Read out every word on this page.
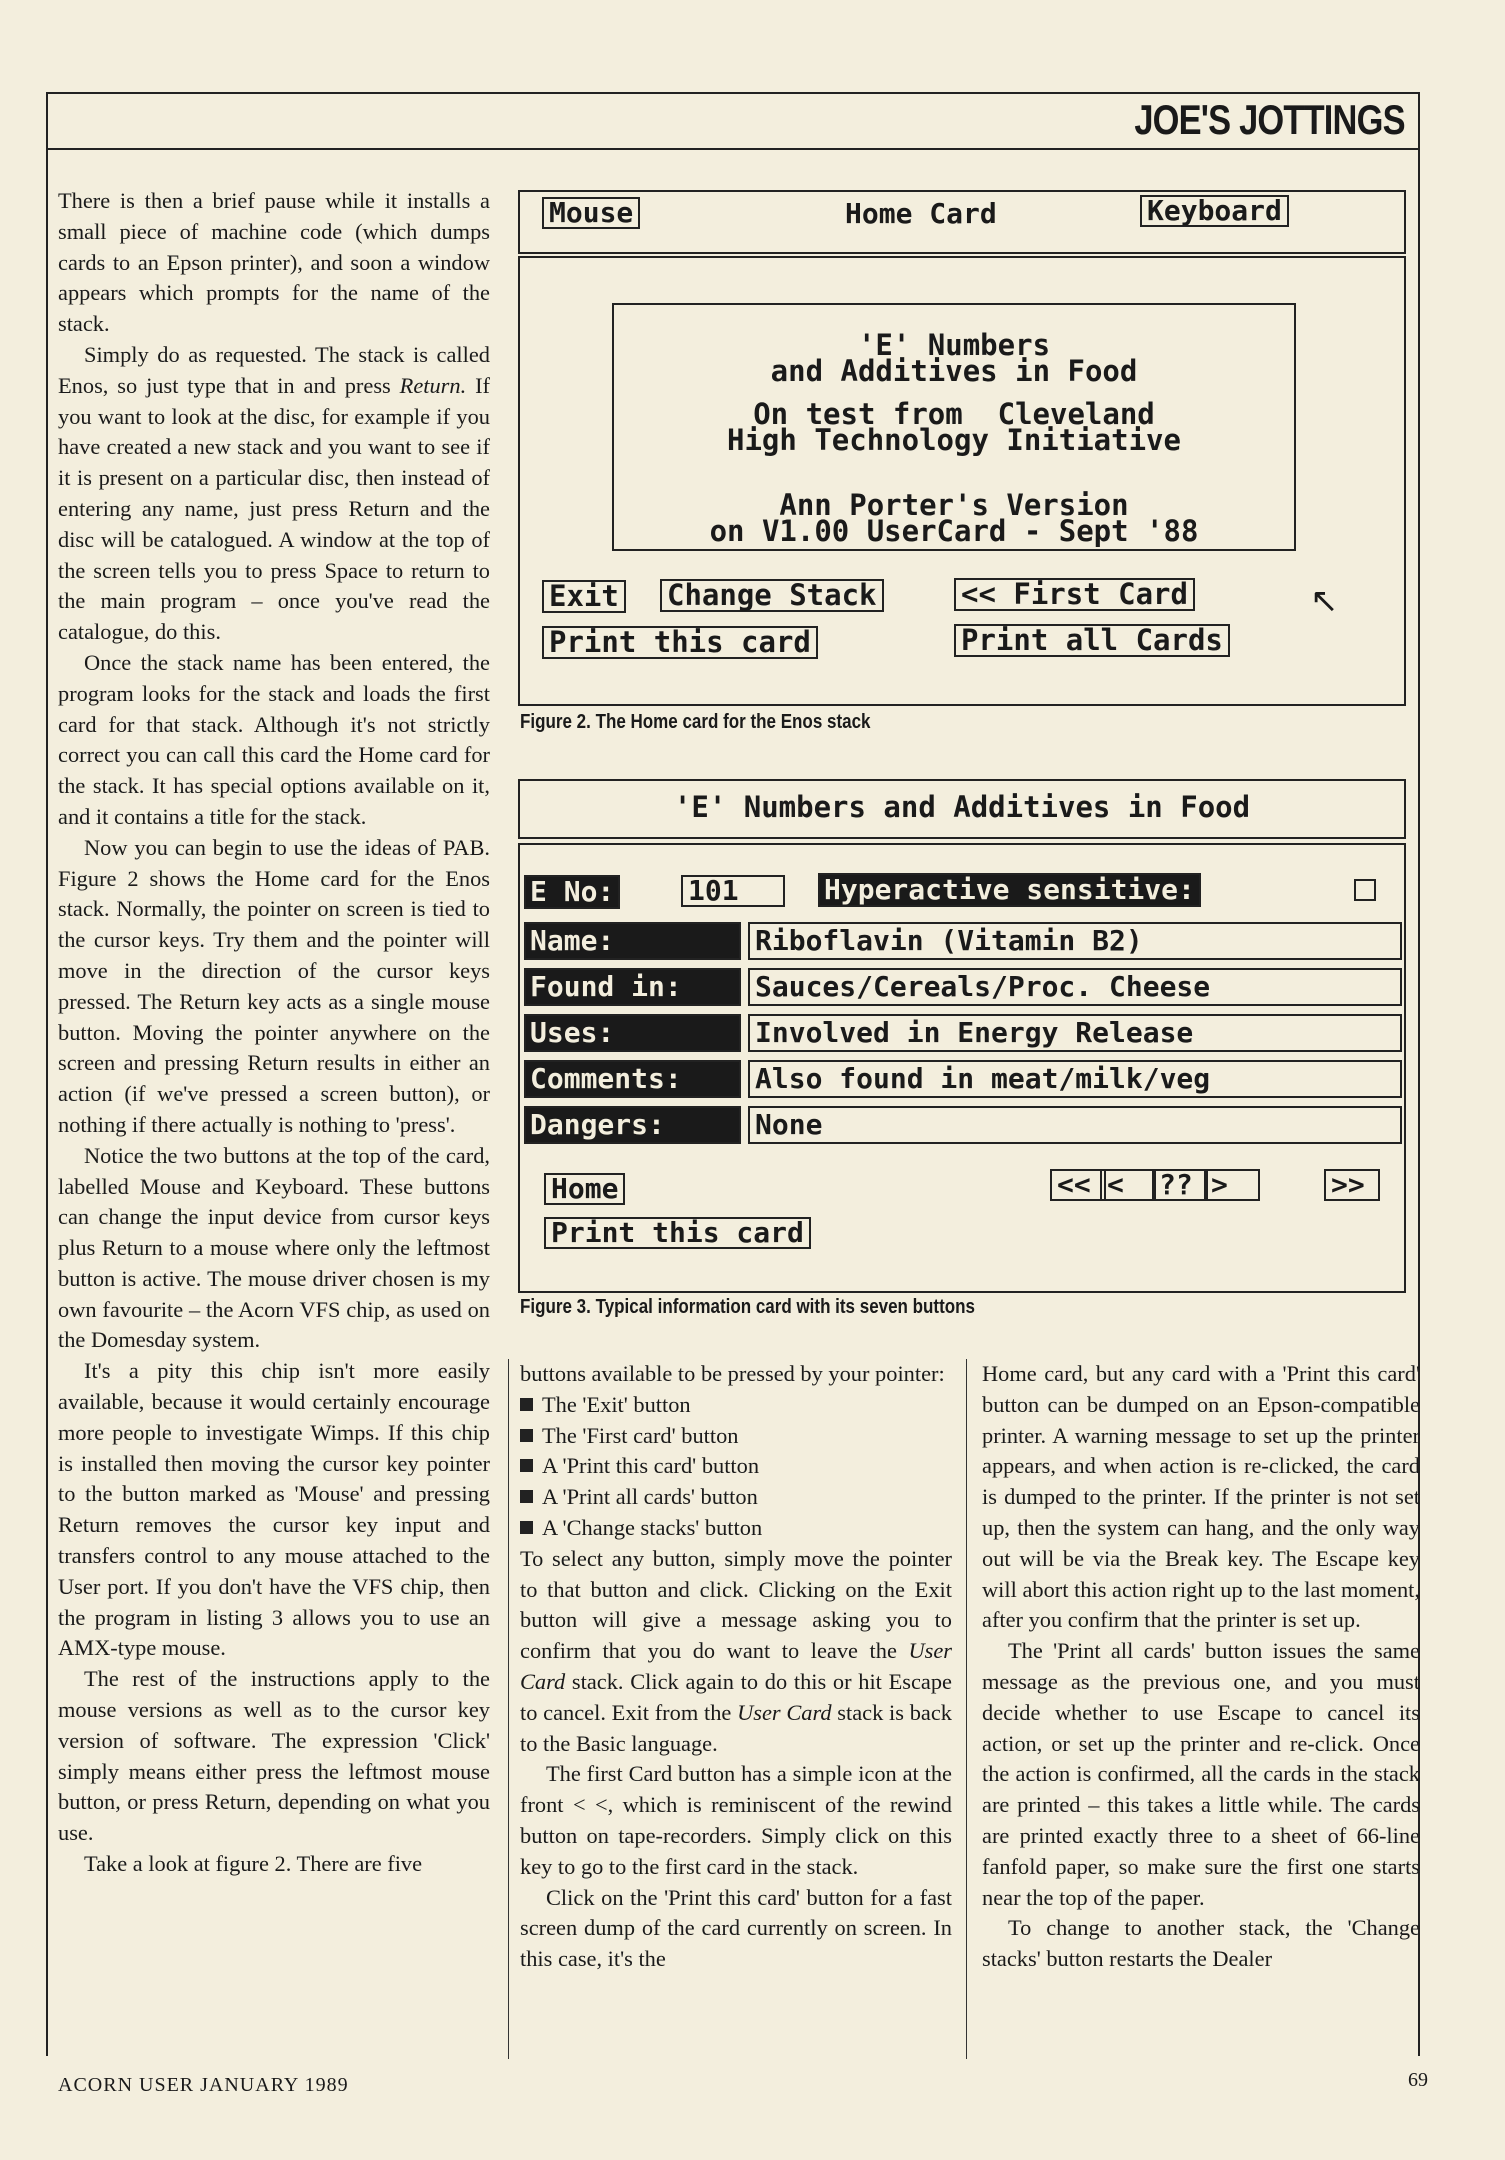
JOE'S JOTTINGS

There is then a brief pause while it installs a small piece of machine code (which dumps cards to an Epson printer), and soon a window appears which prompts for the name of the stack.

Simply do as requested. The stack is called Enos, so just type that in and press Return. If you want to look at the disc, for example if you have created a new stack and you want to see if it is present on a particular disc, then instead of entering any name, just press Return and the disc will be catalogued. A window at the top of the screen tells you to press Space to return to the main program – once you've read the catalogue, do this.

Once the stack name has been entered, the program looks for the stack and loads the first card for that stack. Although it's not strictly correct you can call this card the Home card for the stack. It has special options available on it, and it contains a title for the stack.

Now you can begin to use the ideas of PAB. Figure 2 shows the Home card for the Enos stack. Normally, the pointer on screen is tied to the cursor keys. Try them and the pointer will move in the direction of the cursor keys pressed. The Return key acts as a single mouse button. Moving the pointer anywhere on the screen and pressing Return results in either an action (if we've pressed a screen button), or nothing if there actually is nothing to 'press'.

Notice the two buttons at the top of the card, labelled Mouse and Keyboard. These buttons can change the input device from cursor keys plus Return to a mouse where only the leftmost button is active. The mouse driver chosen is my own favourite – the Acorn VFS chip, as used on the Domesday system.

It's a pity this chip isn't more easily available, because it would certainly encourage more people to investigate Wimps. If this chip is installed then moving the cursor key pointer to the button marked as 'Mouse' and pressing Return removes the cursor key input and transfers control to any mouse attached to the User port. If you don't have the VFS chip, then the program in listing 3 allows you to use an AMX-type mouse.

The rest of the instructions apply to the mouse versions as well as to the cursor key version of software. The expression 'Click' simply means either press the leftmost mouse button, or press Return, depending on what you use.

Take a look at figure 2. There are five

Mouse	Home Card	Keyboard
'E' Numbers
and Additives in Food
On test from  Cleveland
High Technology Initiative
Ann Porter's Version
on V1.00 UserCard - Sept '88
Exit Change Stack	<< First Card	↖
Print this card	Print all Cards
Figure 2. The Home card for the Enos stack
'E' Numbers and Additives in Food
E No:	101	Hyperactive sensitive:
Name:	Riboflavin (Vitamin B2)
Found in:	Sauces/Cereals/Proc. Cheese
Uses:	Involved in Energy Release
Comments:	Also found in meat/milk/veg
Dangers:	None
Home
Print this card
<< <	?? >	>>
Figure 3. Typical information card with its seven buttons

buttons available to be pressed by your pointer:

The 'Exit' button
The 'First card' button
A 'Print this card' button
A 'Print all cards' button
A 'Change stacks' button

To select any button, simply move the pointer to that button and click. Clicking on the Exit button will give a message asking you to confirm that you do want to leave the User Card stack. Click again to do this or hit Escape to cancel. Exit from the User Card stack is back to the Basic language.

The first Card button has a simple icon at the front < <, which is reminiscent of the rewind button on tape-recorders. Simply click on this key to go to the first card in the stack.

Click on the 'Print this card' button for a fast screen dump of the card currently on screen. In this case, it's the

Home card, but any card with a 'Print this card' button can be dumped on an Epson-compatible printer. A warning message to set up the printer appears, and when action is re-clicked, the card is dumped to the printer. If the printer is not set up, then the system can hang, and the only way out will be via the Break key. The Escape key will abort this action right up to the last moment, after you confirm that the printer is set up.

The 'Print all cards' button issues the same message as the previous one, and you must decide whether to use Escape to cancel its action, or set up the printer and re-click. Once the action is confirmed, all the cards in the stack are printed – this takes a little while. The cards are printed exactly three to a sheet of 66-line fanfold paper, so make sure the first one starts near the top of the paper.

To change to another stack, the 'Change stacks' button restarts the Dealer

ACORN USER JANUARY 1989	69
